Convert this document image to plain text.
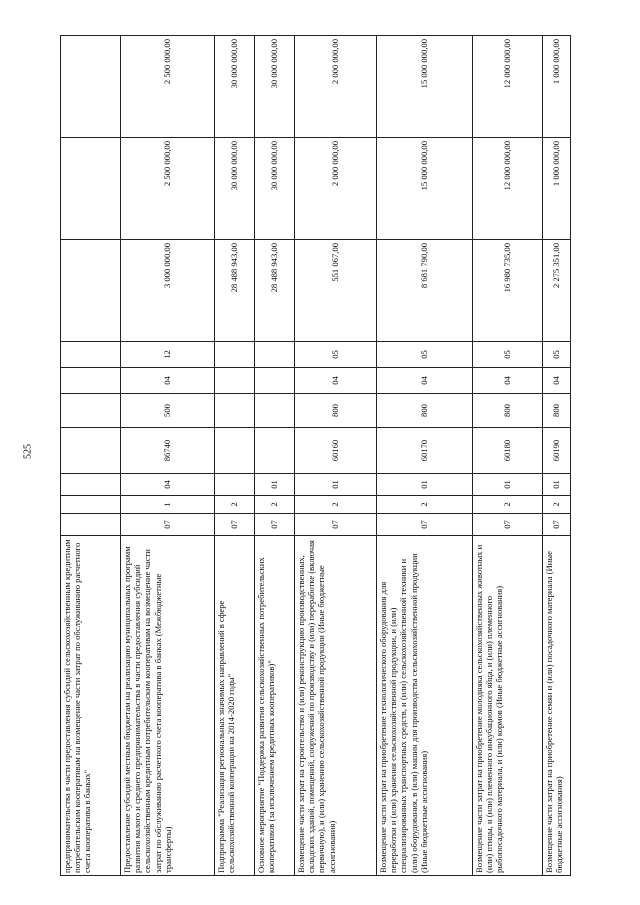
525
предпринимательства в части предоставления субсидий сельскохозяйственным кредитным потребительским кооперативам на возмещение части затрат по обслуживанию расчетного счета кооператива в банках"										
Предоставление субсидий местным бюджетам на реализацию муниципальных программ развития малого и среднего предпринимательства в части предоставления субсидий сельскохозяйственным кредитным потребительским кооперативам на возмещение части затрат по обслуживанию расчетного счета кооператива в банках (Межбюджетные трансферты)	07	1	04	86740	500	04	12	3 000 000,00	2 500 000,00	2 500 000,00
Подпрограмма "Реализация региональных значимых направлений в сфере сельскохозяйственной кооперации на 2014-2020 годы"	07	2						28 488 943,00	30 000 000,00	30 000 000,00
Основное мероприятие "Поддержка развития сельскохозяйственных потребительских кооперативов (за исключением кредитных кооперативов)"	07	2	01					28 488 943,00	30 000 000,00	30 000 000,00
Возмещение части затрат на строительство и (или) реконструкцию производственных, складских зданий, помещений, сооружений по производству и (или) переработке (включая первичную), и (или) хранению сельскохозяйственной продукции (Иные бюджетные ассигнования)	07	2	01	60160	800	04	05	551 067,00	2 000 000,00	2 000 000,00
Возмещение части затрат на приобретение технологического оборудования для переработки и (или) хранения сельскохозяйственной продукции, и (или) специализированных транспортных средств, и (или) сельскохозяйственной техники и (или) оборудования, в (или) машин для производства сельскохозяйственной продукции (Иные бюджетные ассигнования)	07	2	01	60170	800	04	05	8 681 790,00	15 000 000,00	15 000 000,00
Возмещение части затрат на приобретение молодняка сельскохозяйственных животных и (или) птицы, и (или) племенного инкубационного яйца, и (или) племенного рыбопосадочного материала, и (или) кормов (Иные бюджетные ассигнования)	07	2	01	60180	800	04	05	16 980 735,00	12 000 000,00	12 000 000,00
Возмещение части затрат на приобретение семян и (или) посадочного материала (Иные бюджетные ассигнования)	07	2	01	60190	800	04	05	2 275 351,00	1 000 000,00	1 000 000,00
